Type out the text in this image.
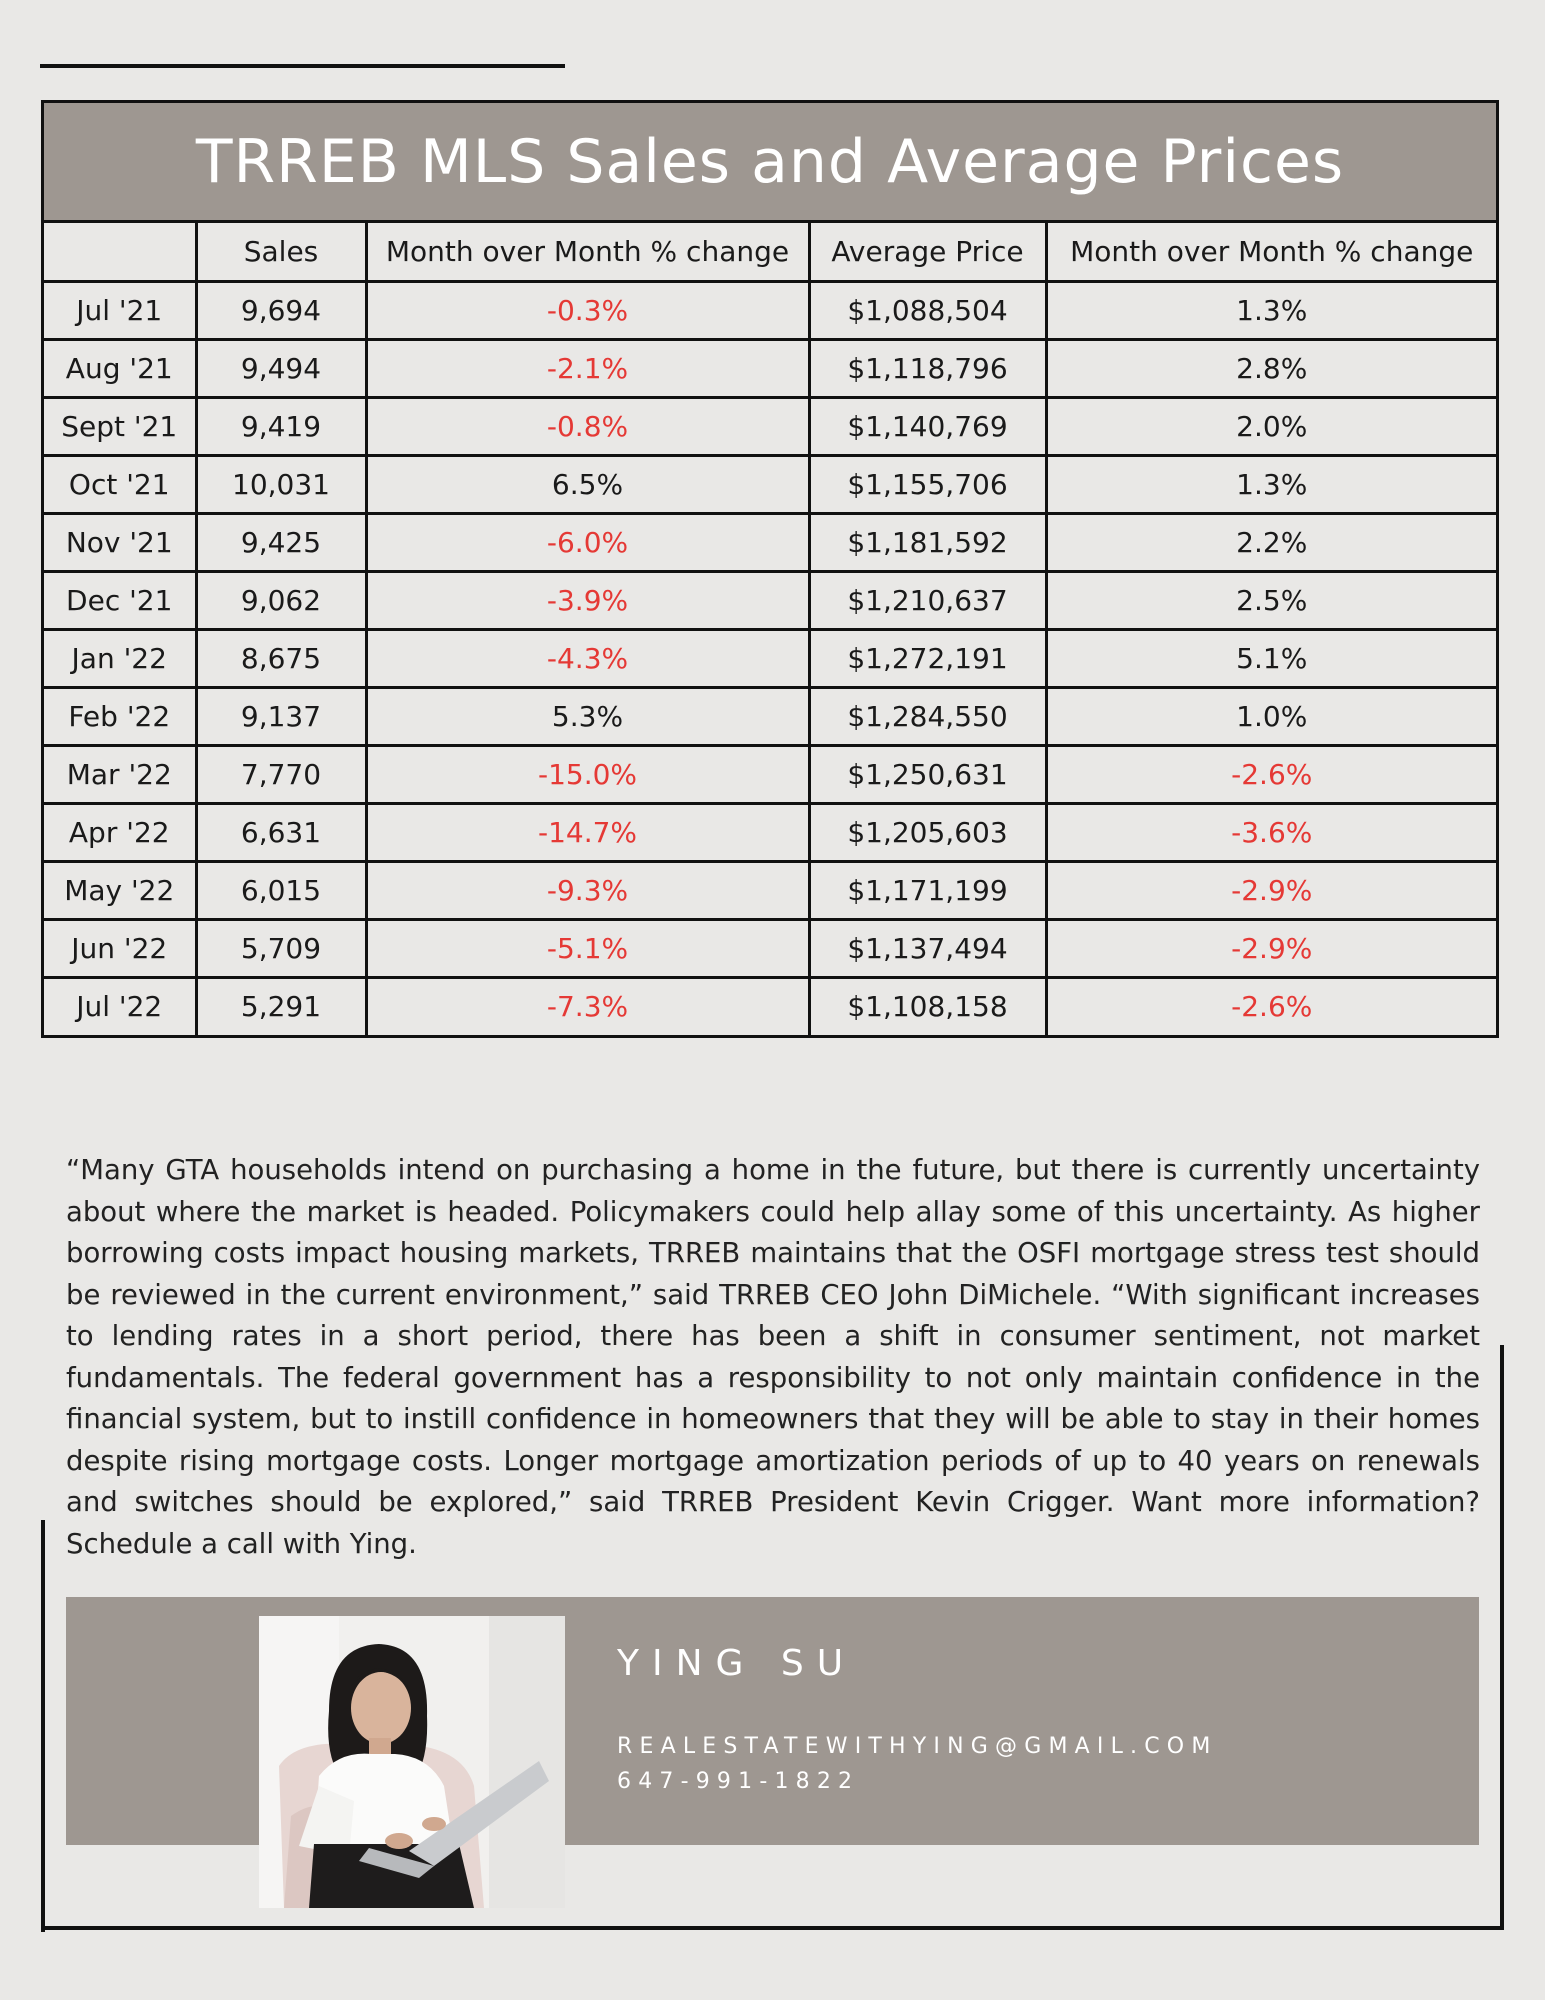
TRREB MLS Sales and Average Prices
	Sales	Month over Month % change	Average Price	Month over Month % change
Jul '21	9,694	-0.3%	$1,088,504	1.3%
Aug '21	9,494	-2.1%	$1,118,796	2.8%
Sept '21	9,419	-0.8%	$1,140,769	2.0%
Oct '21	10,031	6.5%	$1,155,706	1.3%
Nov '21	9,425	-6.0%	$1,181,592	2.2%
Dec '21	9,062	-3.9%	$1,210,637	2.5%
Jan '22	8,675	-4.3%	$1,272,191	5.1%
Feb '22	9,137	5.3%	$1,284,550	1.0%
Mar '22	7,770	-15.0%	$1,250,631	-2.6%
Apr '22	6,631	-14.7%	$1,205,603	-3.6%
May '22	6,015	-9.3%	$1,171,199	-2.9%
Jun '22	5,709	-5.1%	$1,137,494	-2.9%
Jul '22	5,291	-7.3%	$1,108,158	-2.6%
“Many GTA households intend on purchasing a home in the future, but there is currently uncertainty about where the market is headed. Policymakers could help allay some of this uncertainty. As higher borrowing costs impact housing markets, TRREB maintains that the OSFI mortgage stress test should be reviewed in the current environment,” said TRREB CEO John DiMichele. “With significant increases to lending rates in a short period, there has been a shift in consumer sentiment, not market fundamentals. The federal government has a responsibility to not only maintain confidence in the financial system, but to instill confidence in homeowners that they will be able to stay in their homes despite rising mortgage costs. Longer mortgage amortization periods of up to 40 years on renewals and switches should be explored,” said TRREB President Kevin Crigger. Want more information? Schedule a call with Ying.
YING SU
REALESTATEWITHYING@GMAIL.COM
647-991-1822
